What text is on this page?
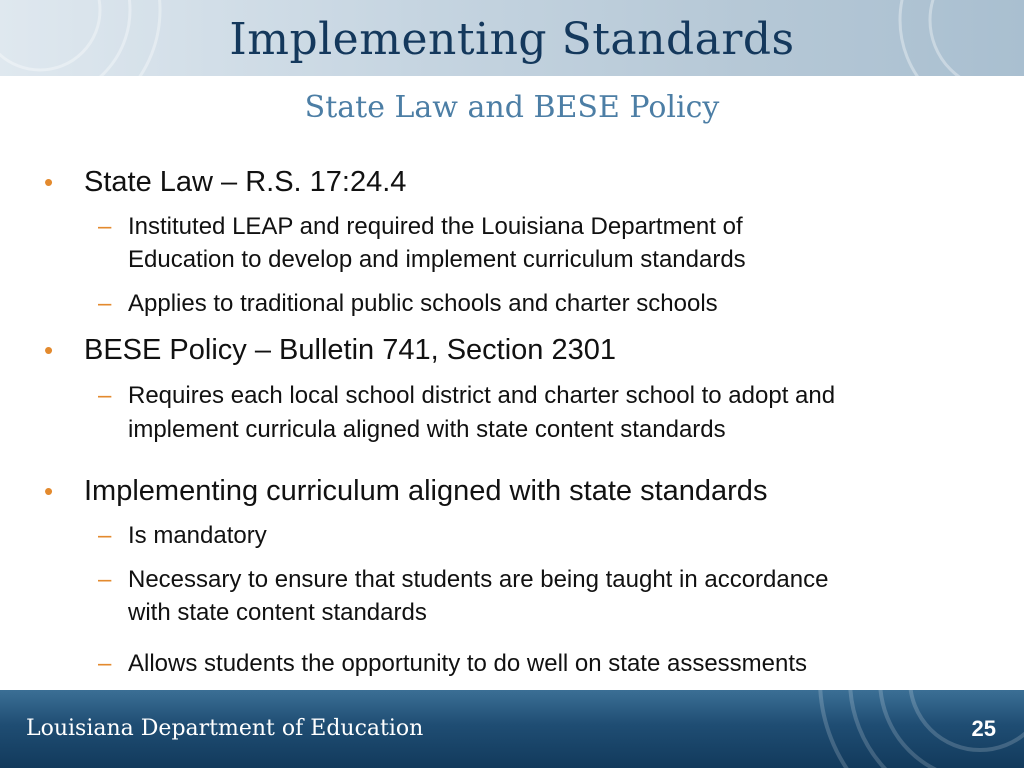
Implementing Standards
State Law and BESE Policy
• State Law – R.S. 17:24.4

– Instituted LEAP and required the Louisiana Department of

Education to develop and implement curriculum standards

– Applies to traditional public schools and charter schools

• BESE Policy – Bulletin 741, Section 2301

– Requires each local school district and charter school to adopt and

implement curricula aligned with state content standards

• Implementing curriculum aligned with state standards

– Is mandatory

– Necessary to ensure that students are being taught in accordance

with state content standards

– Allows students the opportunity to do well on state assessments

Louisiana Department of Education	25
